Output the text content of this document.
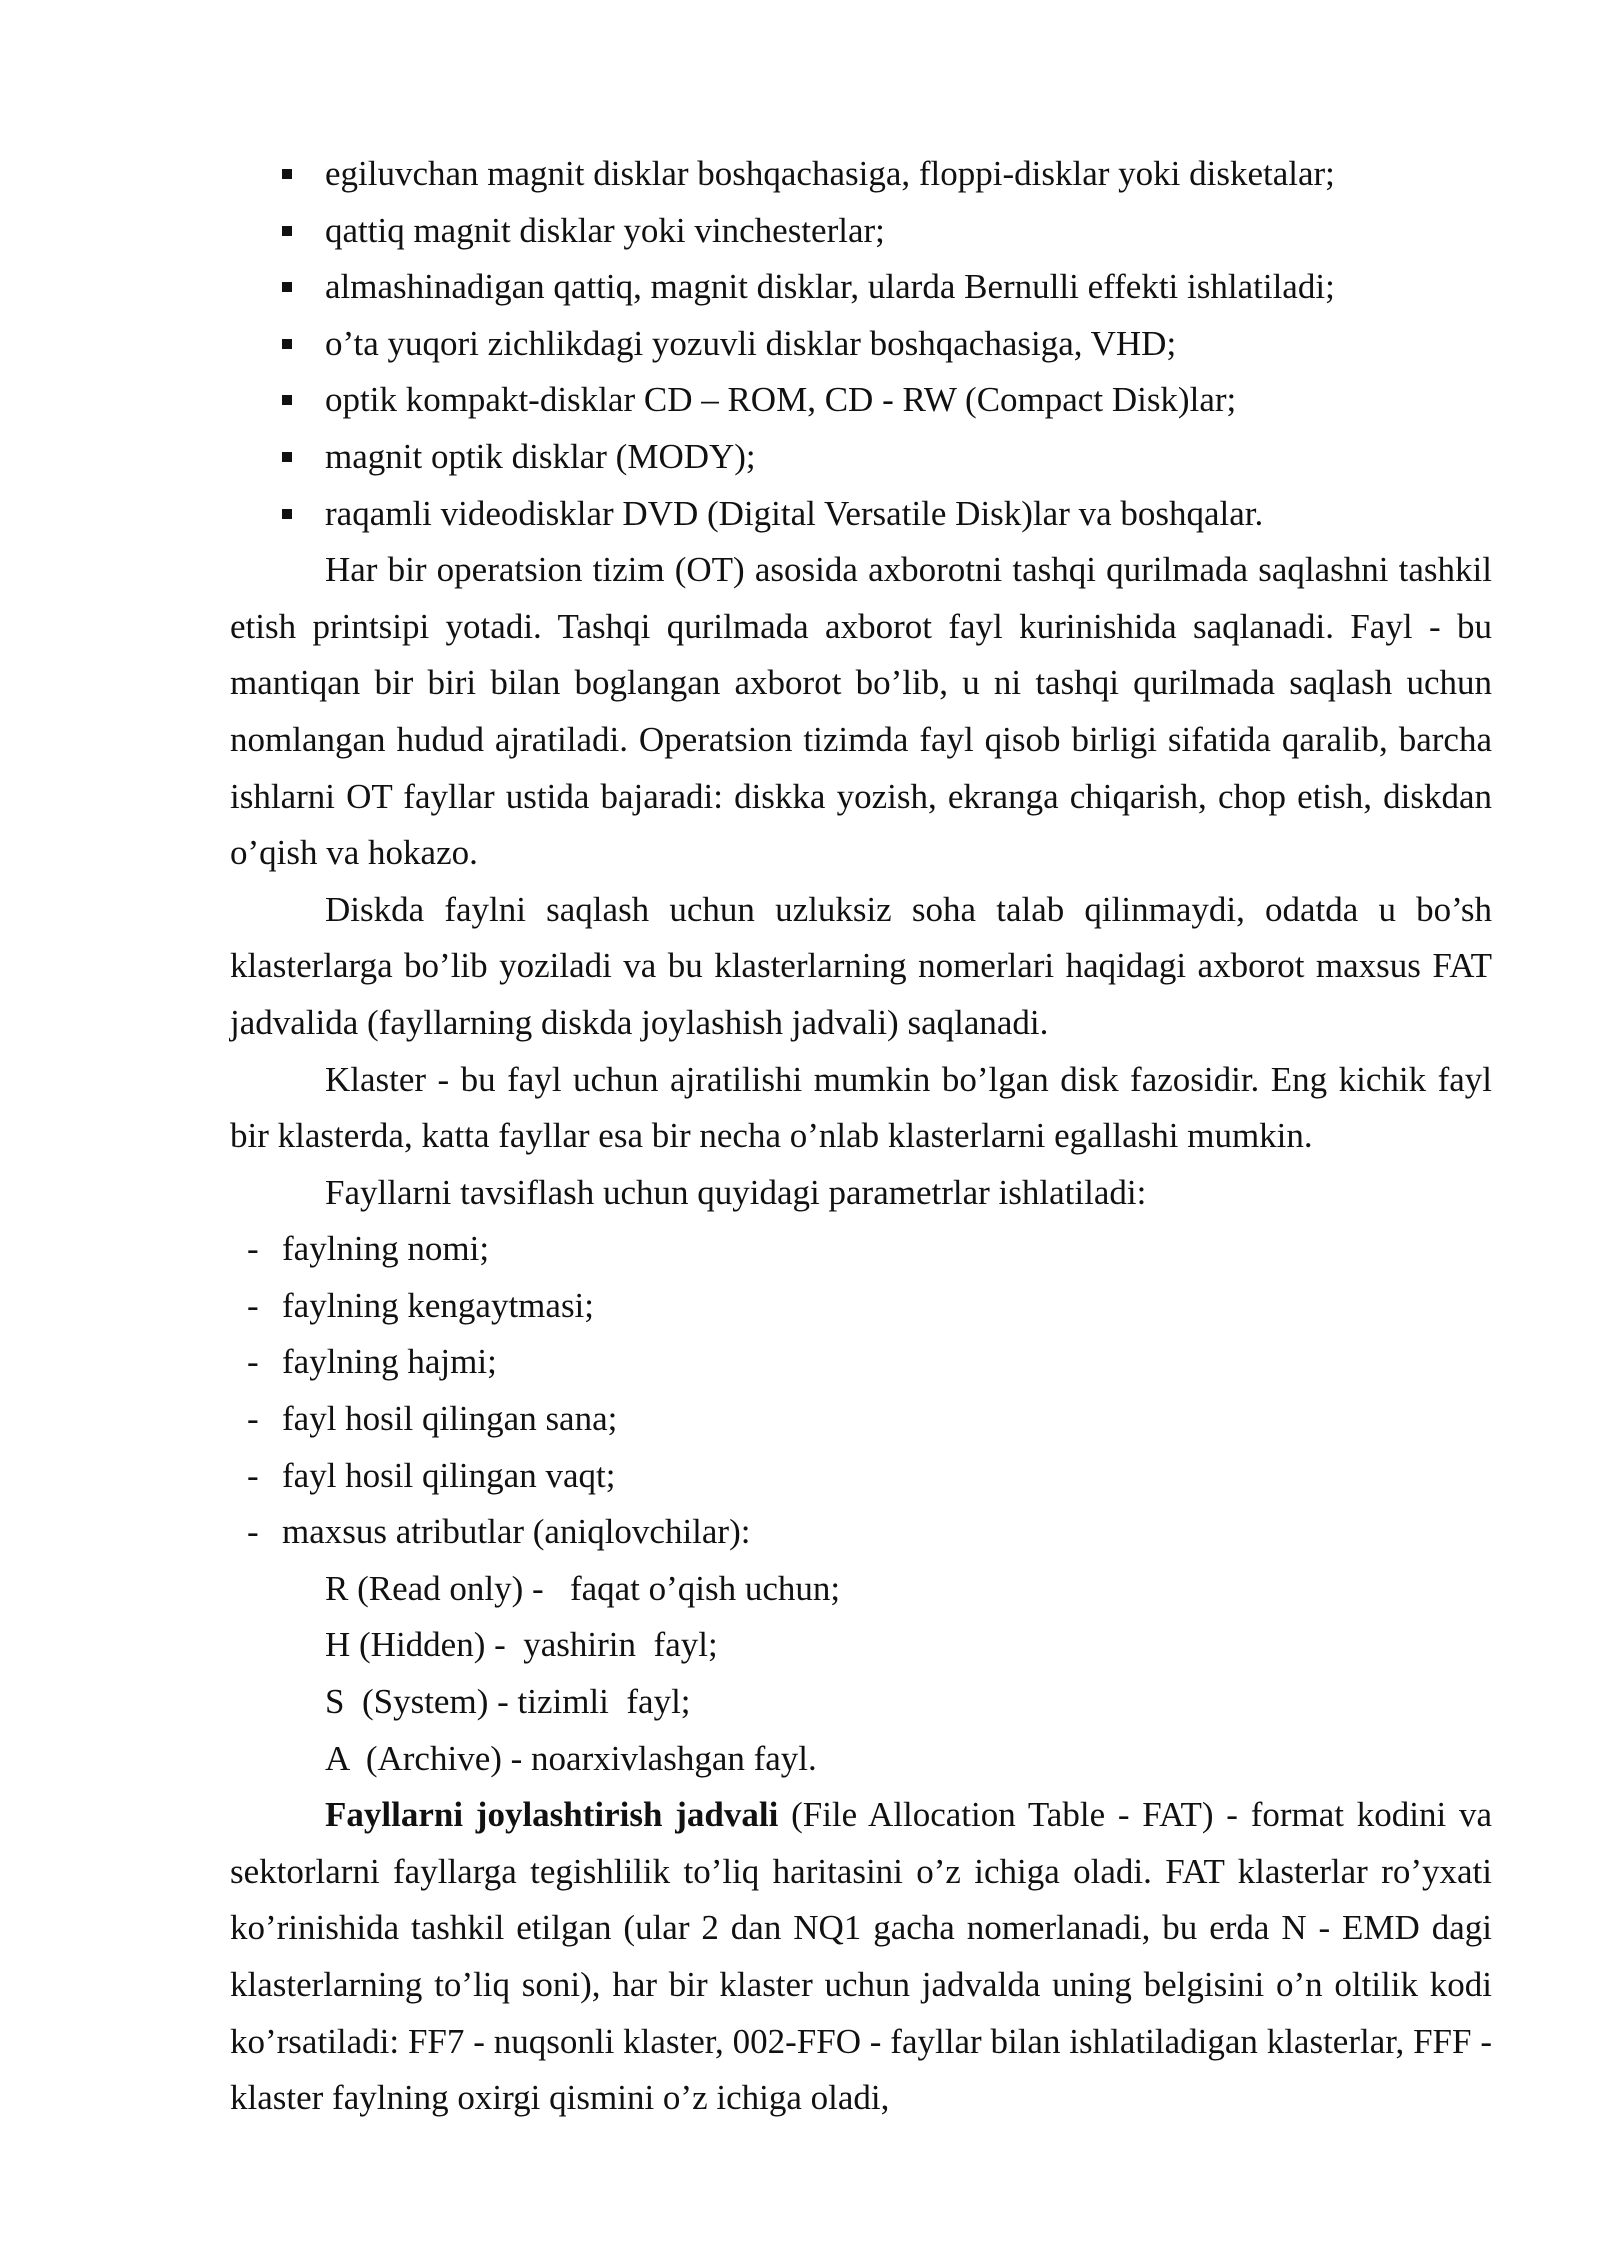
egiluvchan magnit disklar boshqachasiga, floppi-disklar yoki disketalar;
qattiq magnit disklar yoki vinchesterlar;
almashinadigan qattiq, magnit disklar, ularda Bernulli effekti ishlatiladi;
o’ta yuqori zichlikdagi yozuvli disklar boshqachasiga, VHD;
optik kompakt-disklar CD – ROM, CD - RW (Compact Disk)lar;
magnit optik disklar (MODY);
raqamli videodisklar DVD (Digital Versatile Disk)lar va boshqalar.

Har bir operatsion tizim (OT) asosida axborotni tashqi qurilmada saqlashni tashkil etish printsipi yotadi. Tashqi qurilmada axborot fayl kurinishida saqlanadi. Fayl - bu mantiqan bir biri bilan boglangan axborot bo’lib, u ni tashqi qurilmada saqlash uchun nomlangan hudud ajratiladi. Operatsion tizimda fayl qisob birligi sifatida qaralib, barcha ishlarni OT fayllar ustida bajaradi: diskka yozish, ekranga chiqarish, chop etish, diskdan o’qish va hokazo.

Diskda faylni saqlash uchun uzluksiz soha talab qilinmaydi, odatda u bo’sh klasterlarga bo’lib yoziladi va bu klasterlarning nomerlari haqidagi axborot maxsus FAT jadvalida (fayllarning diskda joylashish jadvali) saqlanadi.

Klaster - bu fayl uchun ajratilishi mumkin bo’lgan disk fazosidir. Eng kichik fayl bir klasterda, katta fayllar esa bir necha o’nlab klasterlarni egallashi mumkin.

Fayllarni tavsiflash uchun quyidagi parametrlar ishlatiladi:

- faylning nomi;
- faylning kengaytmasi;
- faylning hajmi;
- fayl hosil qilingan sana;
- fayl hosil qilingan vaqt;
- maxsus atributlar (aniqlovchilar):
R (Read only) -   faqat o’qish uchun;
H (Hidden) -  yashirin  fayl;
S  (System) - tizimli  fayl;
A  (Archive) - noarxivlashgan fayl.

Fayllarni joylashtirish jadvali (File Allocation Table - FAT) - format kodini va sektorlarni fayllarga tegishlilik to’liq haritasini o’z ichiga oladi. FAT klasterlar ro’yxati ko’rinishida tashkil etilgan (ular 2 dan NQ1 gacha nomerlanadi, bu erda N - EMD dagi klasterlarning to’liq soni), har bir klaster uchun jadvalda uning belgisini o’n oltilik kodi ko’rsatiladi: FF7 - nuqsonli klaster, 002-FFO - fayllar bilan ishlatiladigan klasterlar, FFF - klaster faylning oxirgi qismini o’z ichiga oladi,
